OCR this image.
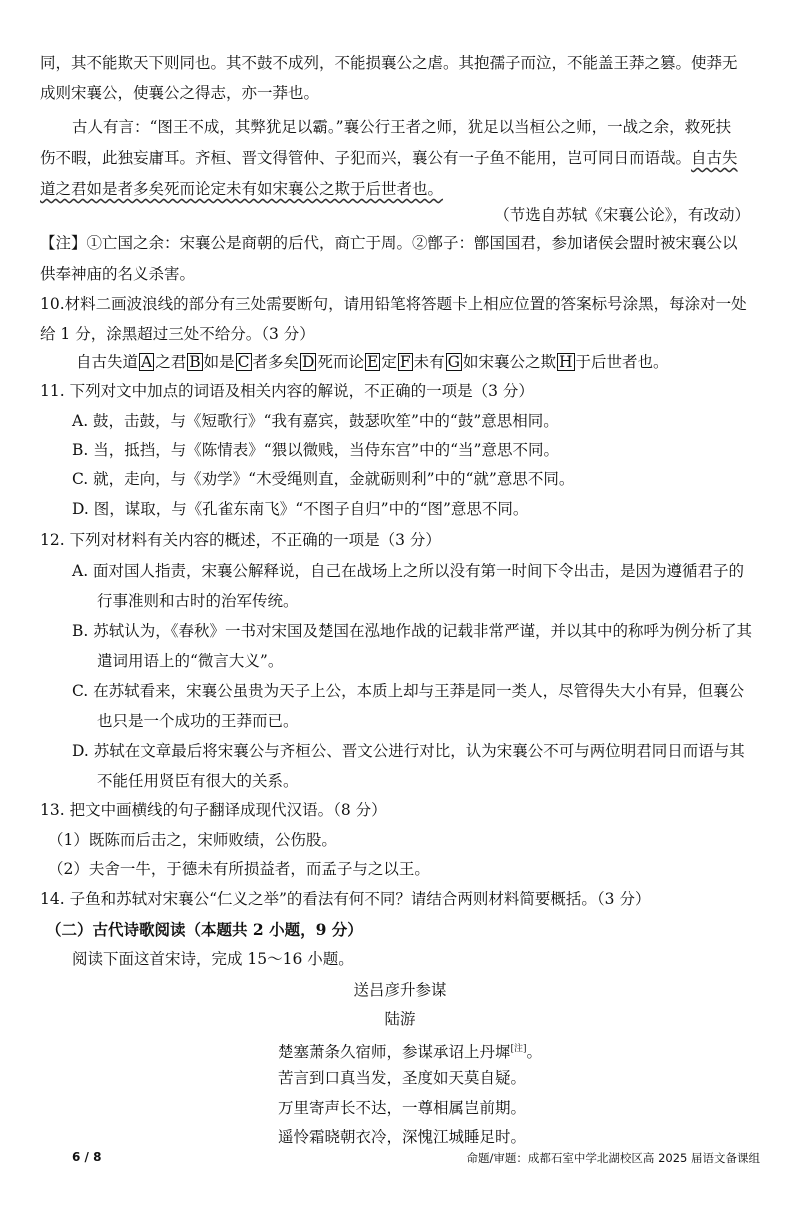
同，其不能欺天下则同也。其不鼓不成列，不能损襄公之虐。其抱孺子而泣，不能盖王莽之篡。使莽无
成则宋襄公，使襄公之得志，亦一莽也。
古人有言：“图王不成，其弊犹足以霸。”襄公行王者之师，犹足以当桓公之师，一战之余，救死扶
伤不暇，此独妄庸耳。齐桓、晋文得管仲、子犯而兴，襄公有一子鱼不能用，岂可同日而语哉。自古失
道之君如是者多矣死而论定未有如宋襄公之欺于后世者也。
（节选自苏轼《宋襄公论》，有改动）
【注】①亡国之余：宋襄公是商朝的后代，商亡于周。②鄫子：鄫国国君，参加诸侯会盟时被宋襄公以
供奉神庙的名义杀害。
10.材料二画波浪线的部分有三处需要断句，请用铅笔将答题卡上相应位置的答案标号涂黑，每涂对一处
给 1 分，涂黑超过三处不给分。（3 分）
自古失道 A 之君 B 如是 C 者多矣 D 死而论 E 定 F 未有 G 如宋襄公之欺 H 于后世者也。
11. 下列对文中加点的词语及相关内容的解说，不正确的一项是（3 分）
A. 鼓，击鼓，与《短歌行》“我有嘉宾，鼓瑟吹笙”中的“鼓”意思相同。
B. 当，抵挡，与《陈情表》“猥以微贱，当侍东宫”中的“当”意思不同。
C. 就，走向，与《劝学》“木受绳则直，金就砺则利”中的“就”意思不同。
D. 图，谋取，与《孔雀东南飞》“不图子自归”中的“图”意思不同。
12. 下列对材料有关内容的概述，不正确的一项是（3 分）
A. 面对国人指责，宋襄公解释说，自己在战场上之所以没有第一时间下令出击，是因为遵循君子的
行事准则和古时的治军传统。
B. 苏轼认为，《春秋》一书对宋国及楚国在泓地作战的记载非常严谨，并以其中的称呼为例分析了其
遣词用语上的“微言大义”。
C. 在苏轼看来，宋襄公虽贵为天子上公，本质上却与王莽是同一类人，尽管得失大小有异，但襄公
也只是一个成功的王莽而已。
D. 苏轼在文章最后将宋襄公与齐桓公、晋文公进行对比，认为宋襄公不可与两位明君同日而语与其
不能任用贤臣有很大的关系。
13. 把文中画横线的句子翻译成现代汉语。（8 分）
（1）既陈而后击之，宋师败绩，公伤股。
（2）夫舍一牛，于德未有所损益者，而孟子与之以王。
14. 子鱼和苏轼对宋襄公“仁义之举”的看法有何不同？请结合两则材料简要概括。（3 分）
（二）古代诗歌阅读（本题共 2 小题，9 分）
阅读下面这首宋诗，完成 15～16 小题。
送吕彦升参谋
陆游
楚塞萧条久宿师，参谋承诏上丹墀[注]。
苦言到口真当发，圣度如天莫自疑。
万里寄声长不达，一尊相属岂前期。
遥怜霜晓朝衣冷，深愧江城睡足时。
6 / 8	命题/审题：成都石室中学北湖校区高 2025 届语文备课组
